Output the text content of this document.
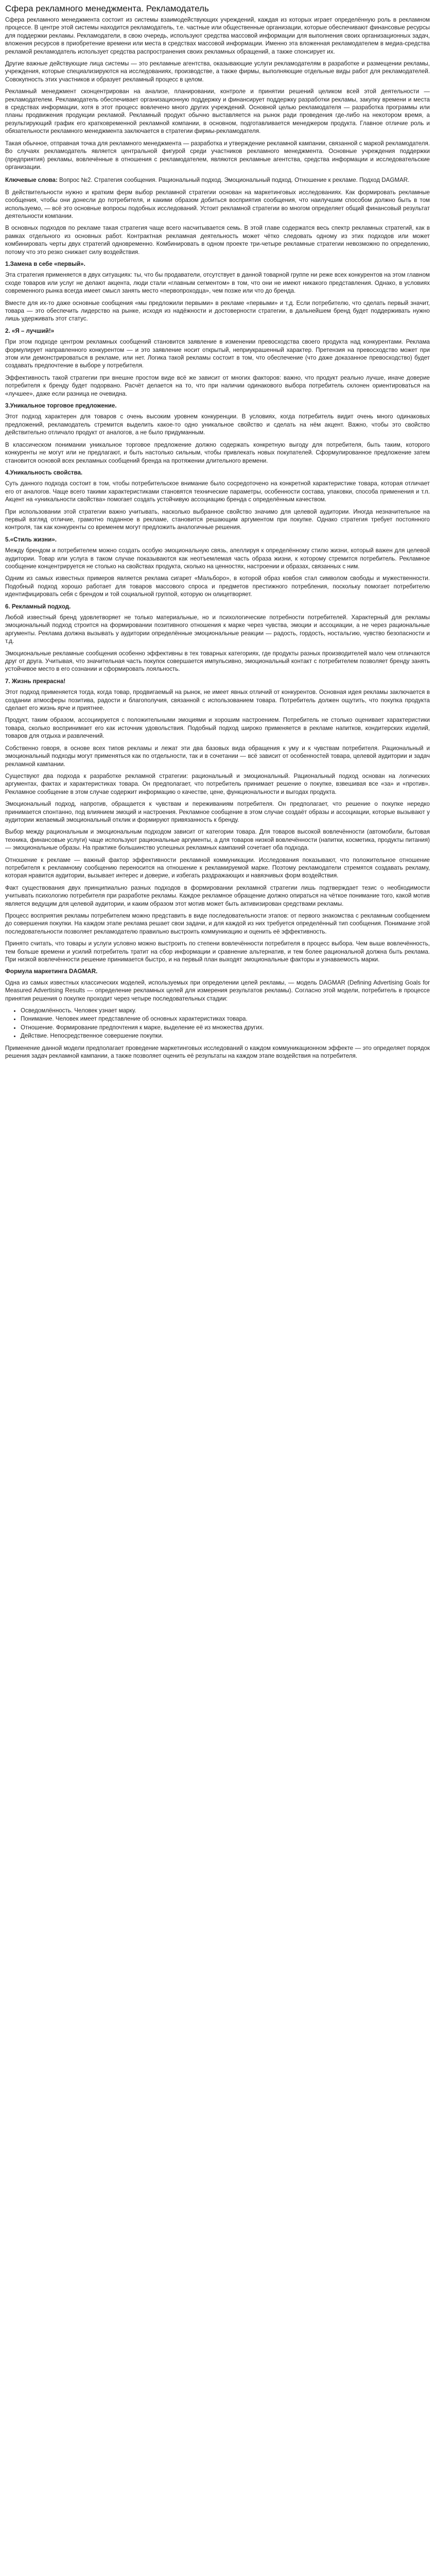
Сфера рекламного менеджмента. Рекламодатель

Сфера рекламного менеджмента состоит из системы взаимодействующих учреждений, каждая из которых играет определённую роль в рекламном процессе. В центре этой системы находится рекламодатель, т.е. частные или общественные организации, которые обеспечивают финансовые ресурсы для поддержки рекламы. Рекламодатели, в свою очередь, используют средства массовой информации для выполнения своих организационных задач, вложения ресурсов в приобретение времени или места в средствах массовой информации. Именно эта вложенная рекламодателем в медиа-средства рекламой рекламодатель использует средства распространения своих рекламных обращений, а также спонсирует их.

Другие важные действующие лица системы — это рекламные агентства, оказывающие услуги рекламодателям в разработке и размещении рекламы, учреждения, которые специализируются на исследованиях, производстве, а также фирмы, выполняющие отдельные виды работ для рекламодателей. Совокупность этих участников и образует рекламный процесс в целом.

Рекламный менеджмент сконцентрирован на анализе, планировании, контроле и принятии решений целиком всей этой деятельности — рекламодателем. Рекламодатель обеспечивает организационную поддержку и финансирует поддержку разработки рекламы, закупку времени и места в средствах информации, хотя в этот процесс вовлечено много других учреждений. Основной целью рекламодателя — разработка программы или планы продвижения продукции рекламой. Рекламный продукт обычно выставляется на рынок ради проведения где-либо на некотором время, а результирующий график его кратковременной рекламной компании, в основном, подготавливается менеджером продукта. Главное отличие роль и обязательности рекламного менеджмента заключается в стратегии фирмы-рекламодателя.

Такая обычное, отправная точка для рекламного менеджмента — разработка и утверждение рекламной кампании, связанной с маркой рекламодателя. Во случаях рекламодатель является центральной фигурой среди участников рекламного менеджмента. Основные учреждения поддержки (предприятия) рекламы, вовлечённые в отношения с рекламодателем, являются рекламные агентства, средства информации и исследовательские организации.

Ключевые слова: Вопрос №2. Стратегия сообщения. Рациональный подход. Эмоциональный подход. Отношение к рекламе. Подход DAGMAR.

В действительности нужно и кратким ферм выбор рекламной стратегии основан на маркетинговых исследованиях. Как формировать рекламные сообщения, чтобы они донесли до потребителя, и какими образом добиться восприятия сообщения, что наилучшим способом должно быть в том используемо, — всё это основные вопросы подобных исследований. Устоит рекламной стратегии во многом определяет общий финансовый результат деятельности компании.

В основных подходов по рекламе такая стратегия чаще всего насчитывается семь. В этой главе содержатся весь спектр рекламных стратегий, как в рамках отдельного из основных работ. Контрактная рекламная деятельность может чётко следовать одному из этих подходов или может комбинировать черты двух стратегий одновременно. Комбинировать в одном проекте три-четыре рекламные стратегии невозможно по определению, потому что это резко снижает силу воздействия.

1.Замена в себе «первый».

Эта стратегия применяется в двух ситуациях: ты, что бы продаватели, отсутствует в данной товарной группе ни реже всех конкурентов на этом главном сходе товаров или услуг не делают акцента, люди стали «главным сегментом» в том, что они не имеют никакого представления. Однако, в условиях современного рынка всегда имеет смысл занять место «первопроходца», чем позже или что до бренда.

Вместе для их-то даже основные сообщения «мы предложили первыми» в рекламе «первыми» и т.д. Если потребителю, что сделать первый значит, товара — это обеспечить лидерство на рынке, исходя из надёжности и достоверности стратегии, в дальнейшем бренд будет поддерживать нужно лишь удерживать этот статус.

2. «Я – лучший!»

При этом подходе центром рекламных сообщений становится заявление в изменении превосходства своего продукта над конкурентами. Реклама формулирует направленного конкурентом — и это заявление носит открытый, неприукрашенный характер. Претензия на превосходство может при этом или демонстрироваться в рекламе, или нет. Логика такой рекламы состоит в том, что обеспечение (что даже доказанное превосходство) будет создавать предпочтение в выборе у потребителя.

Эффективность такой стратегии при внешне простом виде всё же зависит от многих факторов: важно, что продукт реально лучше, иначе доверие потребителя к бренду будет подорвано. Расчёт делается на то, что при наличии одинакового выбора потребитель склонен ориентироваться на «лучшее», даже если разница не очевидна.

3.Уникальное торговое предложение.

Этот подход характерен для товаров с очень высоким уровнем конкуренции. В условиях, когда потребитель видит очень много одинаковых предложений, рекламодатель стремится выделить какое-то одно уникальное свойство и сделать на нём акцент. Важно, чтобы это свойство действительно отличало продукт от аналогов, а не было придуманным.

В классическом понимании уникальное торговое предложение должно содержать конкретную выгоду для потребителя, быть таким, которого конкуренты не могут или не предлагают, и быть настолько сильным, чтобы привлекать новых покупателей. Сформулированное предложение затем становится основой всех рекламных сообщений бренда на протяжении длительного времени.

4.Уникальность свойства.

Суть данного подхода состоит в том, чтобы потребительское внимание было сосредоточено на конкретной характеристике товара, которая отличает его от аналогов. Чаще всего такими характеристиками становятся технические параметры, особенности состава, упаковки, способа применения и т.п. Акцент на «уникальности свойства» помогает создать устойчивую ассоциацию бренда с определённым качеством.

При использовании этой стратегии важно учитывать, насколько выбранное свойство значимо для целевой аудитории. Иногда незначительное на первый взгляд отличие, грамотно поданное в рекламе, становится решающим аргументом при покупке. Однако стратегия требует постоянного контроля, так как конкуренты со временем могут предложить аналогичные решения.

5.«Стиль жизни».

Между брендом и потребителем можно создать особую эмоциональную связь, апеллируя к определённому стилю жизни, который важен для целевой аудитории. Товар или услуга в таком случае показываются как неотъемлемая часть образа жизни, к которому стремится потребитель. Рекламное сообщение концентрируется не столько на свойствах продукта, сколько на ценностях, настроении и образах, связанных с ним.

Одним из самых известных примеров является реклама сигарет «Мальборо», в которой образ ковбоя стал символом свободы и мужественности. Подобный подход хорошо работает для товаров массового спроса и предметов престижного потребления, поскольку помогает потребителю идентифицировать себя с брендом и той социальной группой, которую он олицетворяет.

6. Рекламный подход.

Любой известный бренд удовлетворяет не только материальные, но и психологические потребности потребителей. Характерный для рекламы эмоциональный подход строится на формировании позитивного отношения к марке через чувства, эмоции и ассоциации, а не через рациональные аргументы. Реклама должна вызывать у аудитории определённые эмоциональные реакции — радость, гордость, ностальгию, чувство безопасности и т.д.

Эмоциональные рекламные сообщения особенно эффективны в тех товарных категориях, где продукты разных производителей мало чем отличаются друг от друга. Учитывая, что значительная часть покупок совершается импульсивно, эмоциональный контакт с потребителем позволяет бренду занять устойчивое место в его сознании и сформировать лояльность.

7. Жизнь прекрасна!

Этот подход применяется тогда, когда товар, продвигаемый на рынок, не имеет явных отличий от конкурентов. Основная идея рекламы заключается в создании атмосферы позитива, радости и благополучия, связанной с использованием товара. Потребитель должен ощутить, что покупка продукта сделает его жизнь ярче и приятнее.

Продукт, таким образом, ассоциируется с положительными эмоциями и хорошим настроением. Потребитель не столько оценивает характеристики товара, сколько воспринимает его как источник удовольствия. Подобный подход широко применяется в рекламе напитков, кондитерских изделий, товаров для отдыха и развлечений.

Собственно говоря, в основе всех типов рекламы и лежат эти два базовых вида обращения к уму и к чувствам потребителя. Рациональный и эмоциональный подходы могут применяться как по отдельности, так и в сочетании — всё зависит от особенностей товара, целевой аудитории и задач рекламной кампании.

Существуют два подхода к разработке рекламной стратегии: рациональный и эмоциональный. Рациональный подход основан на логических аргументах, фактах и характеристиках товара. Он предполагает, что потребитель принимает решение о покупке, взвешивая все «за» и «против». Рекламное сообщение в этом случае содержит информацию о качестве, цене, функциональности и выгодах продукта.

Эмоциональный подход, напротив, обращается к чувствам и переживаниям потребителя. Он предполагает, что решение о покупке нередко принимается спонтанно, под влиянием эмоций и настроения. Рекламное сообщение в этом случае создаёт образы и ассоциации, которые вызывают у аудитории желаемый эмоциональный отклик и формируют привязанность к бренду.

Выбор между рациональным и эмоциональным подходом зависит от категории товара. Для товаров высокой вовлечённости (автомобили, бытовая техника, финансовые услуги) чаще используют рациональные аргументы, а для товаров низкой вовлечённости (напитки, косметика, продукты питания) — эмоциональные образы. На практике большинство успешных рекламных кампаний сочетает оба подхода.

Отношение к рекламе — важный фактор эффективности рекламной коммуникации. Исследования показывают, что положительное отношение потребителя к рекламному сообщению переносится на отношение к рекламируемой марке. Поэтому рекламодатели стремятся создавать рекламу, которая нравится аудитории, вызывает интерес и доверие, и избегать раздражающих и навязчивых форм воздействия.

Факт существования двух принципиально разных подходов в формировании рекламной стратегии лишь подтверждает тезис о необходимости учитывать психологию потребителя при разработке рекламы. Каждое рекламное обращение должно опираться на чёткое понимание того, какой мотив является ведущим для целевой аудитории, и каким образом этот мотив может быть активизирован средствами рекламы.

Процесс восприятия рекламы потребителем можно представить в виде последовательности этапов: от первого знакомства с рекламным сообщением до совершения покупки. На каждом этапе реклама решает свои задачи, и для каждой из них требуется определённый тип сообщения. Понимание этой последовательности позволяет рекламодателю правильно выстроить коммуникацию и оценить её эффективность.

Принято считать, что товары и услуги условно можно выстроить по степени вовлечённости потребителя в процесс выбора. Чем выше вовлечённость, тем больше времени и усилий потребитель тратит на сбор информации и сравнение альтернатив, и тем более рациональной должна быть реклама. При низкой вовлечённости решение принимается быстро, и на первый план выходят эмоциональные факторы и узнаваемость марки.

Формула маркетинга DAGMAR.

Одна из самых известных классических моделей, используемых при определении целей рекламы, — модель DAGMAR (Defining Advertising Goals for Measured Advertising Results — определение рекламных целей для измерения результатов рекламы). Согласно этой модели, потребитель в процессе принятия решения о покупке проходит через четыре последовательных стадии:

• Осведомлённость. Человек узнает марку.
• Понимание. Человек имеет представление об основных характеристиках товара.
• Отношение. Формирование предпочтения к марке, выделение её из множества других.
• Действие. Непосредственное совершение покупки.

Применение данной модели предполагает проведение маркетинговых исследований о каждом коммуникационном эффекте — это определяет порядок решения задач рекламной кампании, а также позволяет оценить её результаты на каждом этапе воздействия на потребителя.
